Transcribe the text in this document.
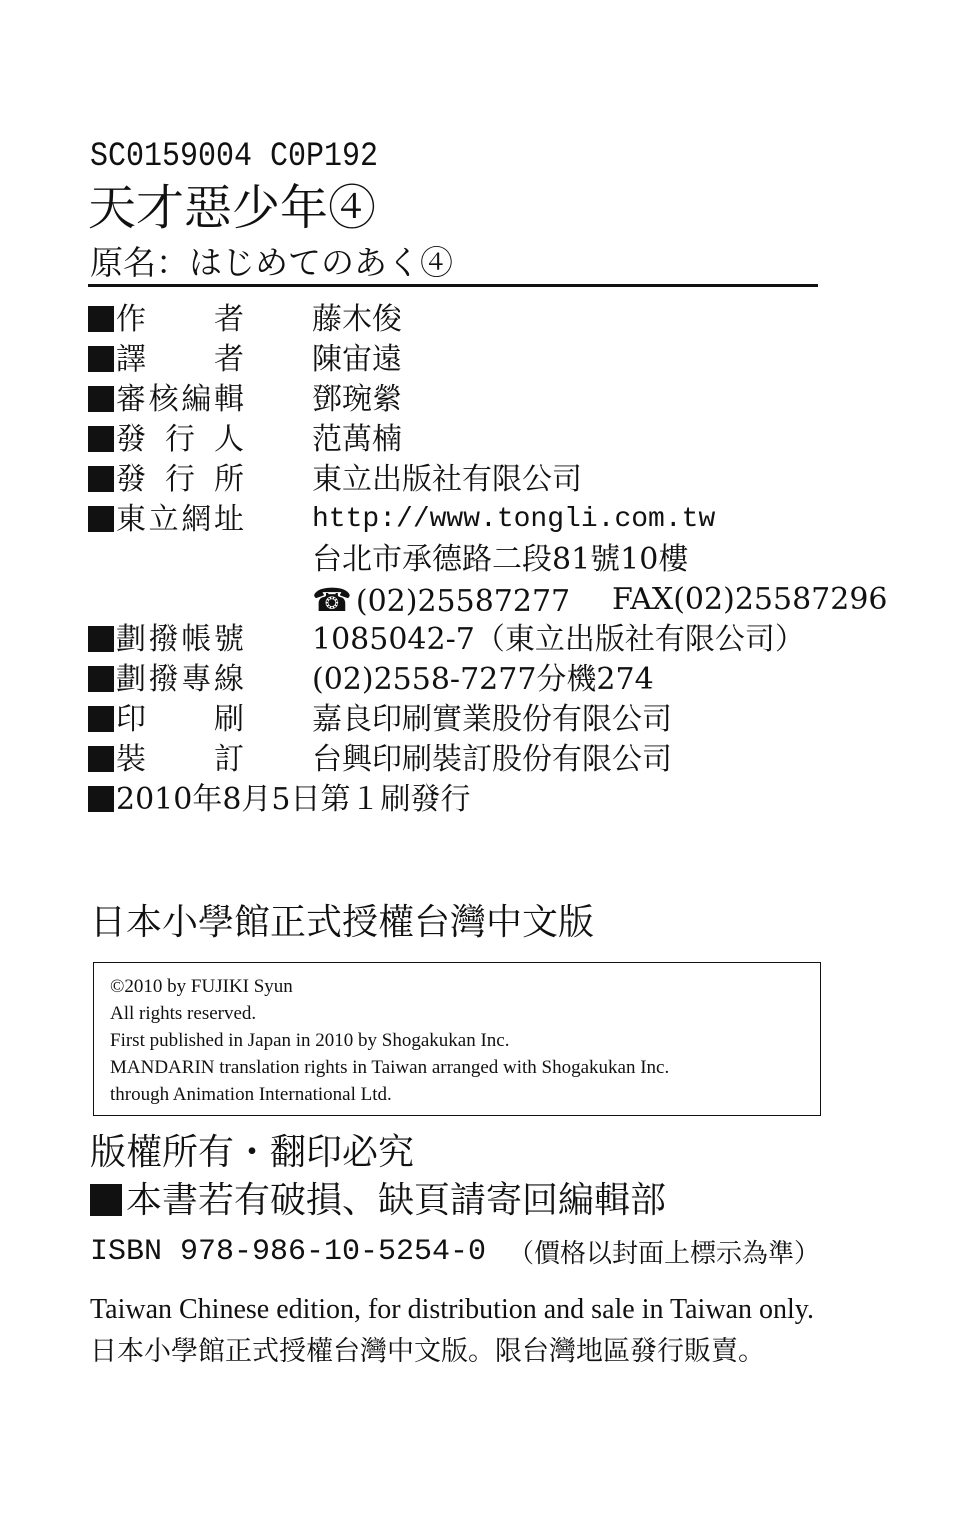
SC0159004 C0P192
天才惡少年④
原名：はじめてのあく④
作　者 藤木俊
譯　者 陳宙遠
審核編輯 鄧琬縈
發行人 范萬楠
發行所 東立出版社有限公司
東立網址 http://www.tongli.com.tw
台北市承德路二段81號10樓
☎ (02)25587277 FAX(02)25587296
劃撥帳號 1085042-7（東立出版社有限公司）
劃撥專線 (02)2558-7277分機274
印　刷 嘉良印刷實業股份有限公司
裝　訂 台興印刷裝訂股份有限公司
2010年8月5日第１刷發行
日本小學館正式授權台灣中文版
©2010 by FUJIKI Syun
All rights reserved.
First published in Japan in 2010 by Shogakukan Inc.
MANDARIN translation rights in Taiwan arranged with Shogakukan Inc.
through Animation International Ltd.
版權所有・翻印必究
本書若有破損、缺頁請寄回編輯部
ISBN 978-986-10-5254-0 （價格以封面上標示為準）
Taiwan Chinese edition, for distribution and sale in Taiwan only.
日本小學館正式授權台灣中文版。限台灣地區發行販賣。
